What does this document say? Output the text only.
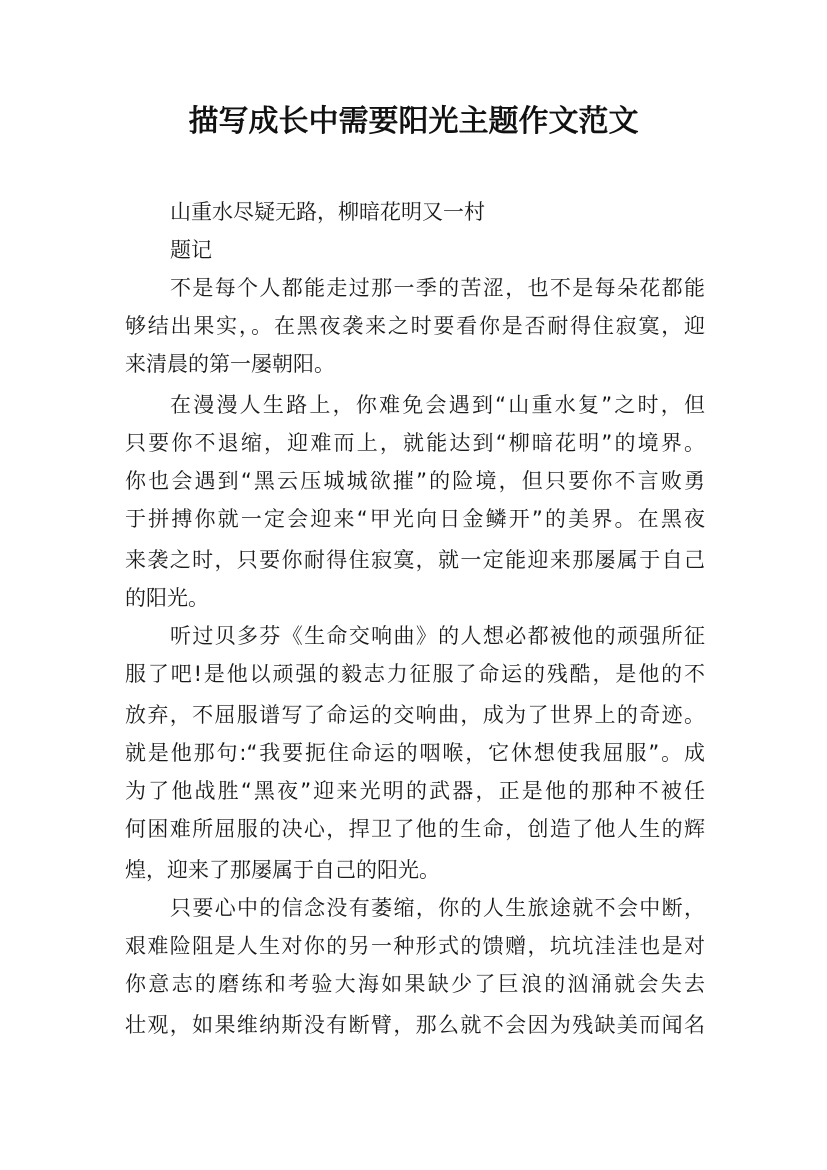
描写成长中需要阳光主题作文范文
山重水尽疑无路，柳暗花明又一村
题记
不是每个人都能走过那一季的苦涩，也不是每朵花都能
够结出果实，。在黑夜袭来之时要看你是否耐得住寂寞，迎
来清晨的第一屡朝阳。
在漫漫人生路上，你难免会遇到“山重水复”之时，但
只要你不退缩，迎难而上，就能达到“柳暗花明”的境界。
你也会遇到“黑云压城城欲摧”的险境，但只要你不言败勇
于拼搏你就一定会迎来“甲光向日金鳞开”的美界。在黑夜
来袭之时，只要你耐得住寂寞，就一定能迎来那屡属于自己
的阳光。
听过贝多芬《生命交响曲》的人想必都被他的顽强所征
服了吧!是他以顽强的毅志力征服了命运的残酷，是他的不
放弃，不屈服谱写了命运的交响曲，成为了世界上的奇迹。
就是他那句:“我要扼住命运的咽喉，它休想使我屈服”。成
为了他战胜“黑夜”迎来光明的武器，正是他的那种不被任
何困难所屈服的决心，捍卫了他的生命，创造了他人生的辉
煌，迎来了那屡属于自己的阳光。
只要心中的信念没有萎缩，你的人生旅途就不会中断，
艰难险阻是人生对你的另一种形式的馈赠，坑坑洼洼也是对
你意志的磨练和考验大海如果缺少了巨浪的汹涌就会失去
壮观，如果维纳斯没有断臂，那么就不会因为残缺美而闻名
